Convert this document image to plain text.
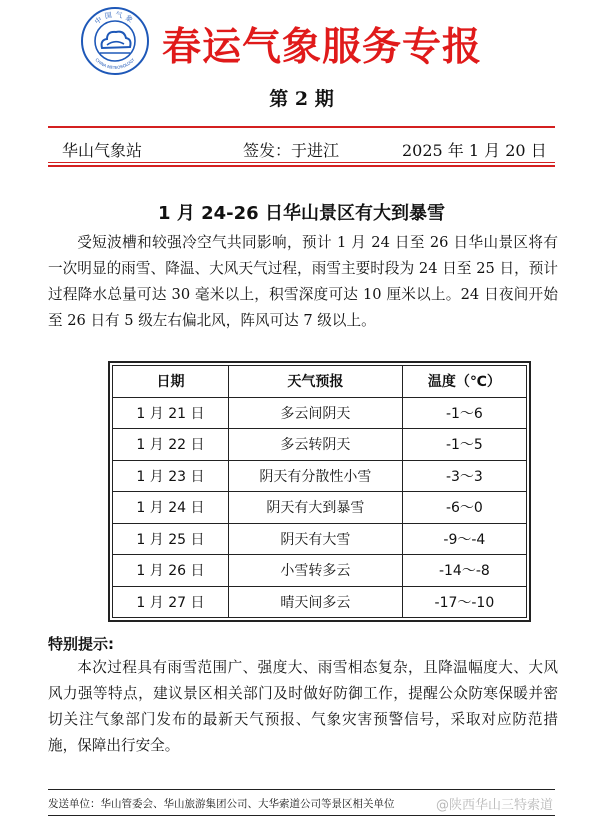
中国气象
CHINA METEOROLOGY 春运气象服务专报
第 2 期
华山气象站	签发：于进江	2025 年 1 月 20 日
1 月 24-26 日华山景区有大到暴雪
受短波槽和较强冷空气共同影响，预计 1 月 24 日至 26 日华山景区将有一次明显的雨雪、降温、大风天气过程，雨雪主要时段为 24 日至 25 日，预计过程降水总量可达 30 毫米以上，积雪深度可达 10 厘米以上。24 日夜间开始至 26 日有 5 级左右偏北风，阵风可达 7 级以上。
日期	天气预报	温度（℃）
1 月 21 日	多云间阴天	-1～6
1 月 22 日	多云转阴天	-1～5
1 月 23 日	阴天有分散性小雪	-3～3
1 月 24 日	阴天有大到暴雪	-6～0
1 月 25 日	阴天有大雪	-9～-4
1 月 26 日	小雪转多云	-14～-8
1 月 27 日	晴天间多云	-17～-10
特别提示:
本次过程具有雨雪范围广、强度大、雨雪相态复杂，且降温幅度大、大风风力强等特点，建议景区相关部门及时做好防御工作，提醒公众防寒保暖并密切关注气象部门发布的最新天气预报、气象灾害预警信号，采取对应防范措施，保障出行安全。
发送单位：华山管委会、华山旅游集团公司、大华索道公司等景区相关单位	@陕西华山三特索道
